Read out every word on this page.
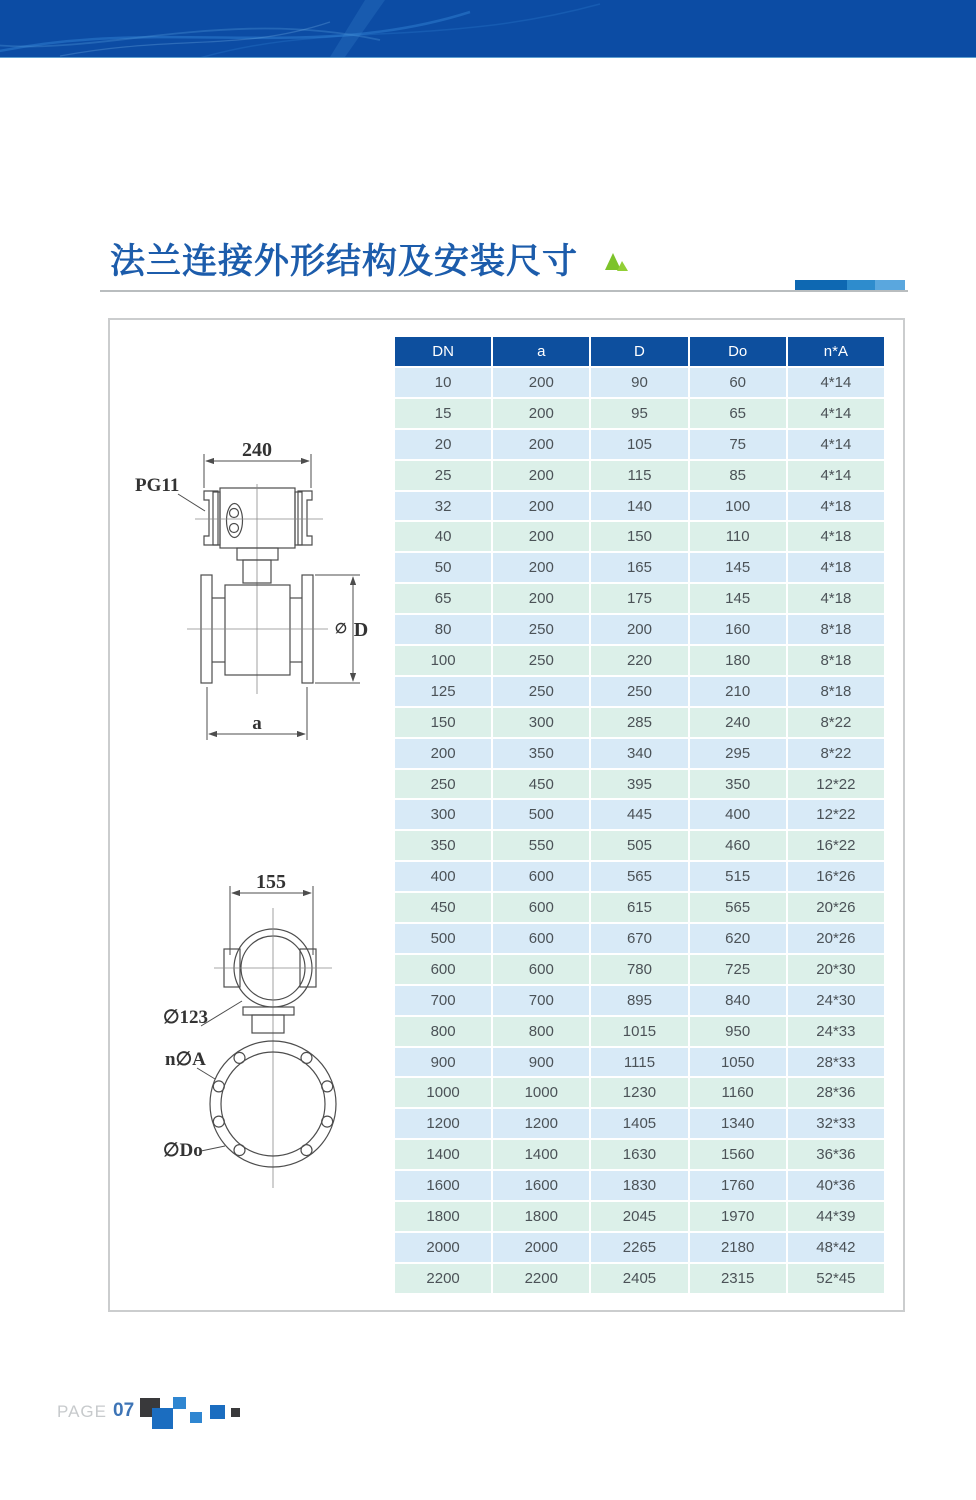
法兰连接外形结构及安装尺寸
DN	a	D	Do	n*A
10	200	90	60	4*14
15	200	95	65	4*14
20	200	105	75	4*14
25	200	115	85	4*14
32	200	140	100	4*18
40	200	150	110	4*18
50	200	165	145	4*18
65	200	175	145	4*18
80	250	200	160	8*18
100	250	220	180	8*18
125	250	250	210	8*18
150	300	285	240	8*22
200	350	340	295	8*22
250	450	395	350	12*22
300	500	445	400	12*22
350	550	505	460	16*22
400	600	565	515	16*26
450	600	615	565	20*26
500	600	670	620	20*26
600	600	780	725	20*30
700	700	895	840	24*30
800	800	1015	950	24*33
900	900	1115	1050	28*33
1000	1000	1230	1160	28*36
1200	1200	1405	1340	32*33
1400	1400	1630	1560	36*36
1600	1600	1830	1760	40*36
1800	1800	2045	1970	44*39
2000	2000	2265	2180	48*42
2200	2200	2405	2315	52*45
240
PG11
∅ D
a
155
∅123
n∅A
∅Do
PAGE 07
